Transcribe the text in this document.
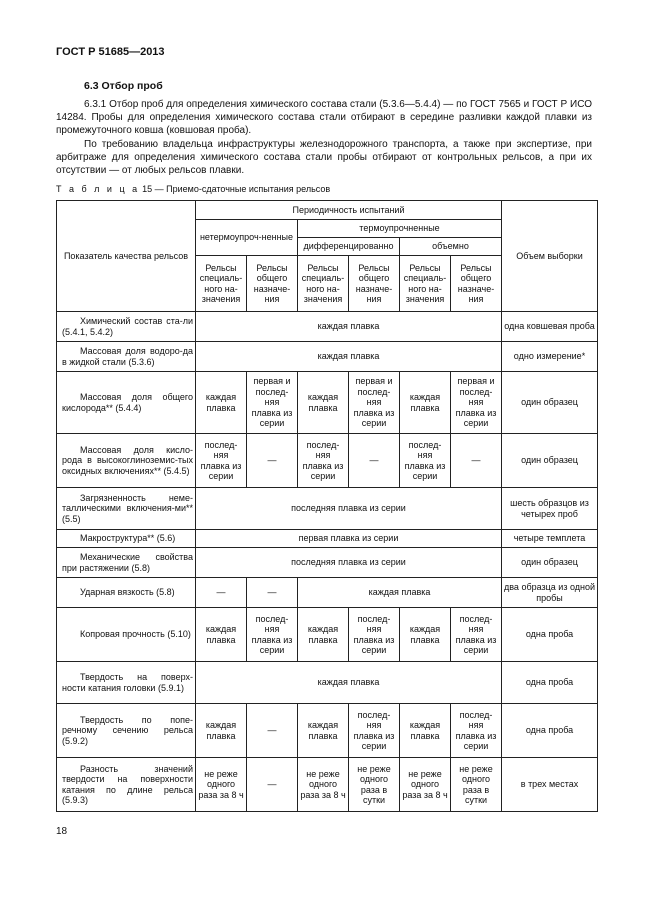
ГОСТ Р 51685—2013
6.3 Отбор проб

6.3.1 Отбор проб для определения химического состава стали (5.3.6—5.4.4) — по ГОСТ 7565 и ГОСТ Р ИСО 14284. Пробы для определения химического состава стали отбирают в середине разливки каждой плавки из промежуточного ковша (ковшовая проба).

По требованию владельца инфраструктуры железнодорожного транспорта, а также при экспертизе, при арбитраже для определения химического состава стали пробы отбирают от контрольных рельсов, а при их отсутствии — от любых рельсов плавки.

Т а б л и ц а 15 — Приемо-сдаточные испытания рельсов
Показатель качества рельсов	Периодичность испытаний						Объем выборки
	нетермоупроч-ненные		термоупрочненные				
			дифференцированно		объемно		
	Рельсы специаль-ного на-значения	Рельсы общего назначе-ния	Рельсы специаль-ного на-значения	Рельсы общего назначе-ния	Рельсы специаль-ного на-значения	Рельсы общего назначе-ния	
Химический состав ста-ли (5.4.1, 5.4.2)	каждая плавка						одна ковшевая проба
Массовая доля водоро-да в жидкой стали (5.3.6)	каждая плавка						одно измерение*
Массовая доля общего кислорода** (5.4.4)	каждая плавка	первая и послед-няя плавка из серии	каждая плавка	первая и послед-няя плавка из серии	каждая плавка	первая и послед-няя плавка из серии	один образец
Массовая доля кисло-рода в высокоглиноземис-тых оксидных включениях** (5.4.5)	послед-няя плавка из серии	—	послед-няя плавка из серии	—	послед-няя плавка из серии	—	один образец
Загрязненность неме-таллическими включения-ми** (5.5)	последняя плавка из серии						шесть образцов из четырех проб
Макроструктура** (5.6)	первая плавка из серии						четыре темплета
Механические свойства при растяжении (5.8)	последняя плавка из серии						один образец
Ударная вязкость (5.8)	—	—	каждая плавка				два образца из одной пробы
Копровая прочность (5.10)	каждая плавка	послед-няя плавка из серии	каждая плавка	послед-няя плавка из серии	каждая плавка	послед-няя плавка из серии	одна проба
Твердость на поверх-ности катания головки (5.9.1)	каждая плавка						одна проба
Твердость по попе-речному сечению рельса (5.9.2)	каждая плавка	—	каждая плавка	послед-няя плавка из серии	каждая плавка	послед-няя плавка из серии	одна проба
Разность значений твердости на поверхности катания по длине рельса (5.9.3)	не реже одного раза за 8 ч	—	не реже одного раза за 8 ч	не реже одного раза в сутки	не реже одного раза за 8 ч	не реже одного раза в сутки	в трех местах
18
